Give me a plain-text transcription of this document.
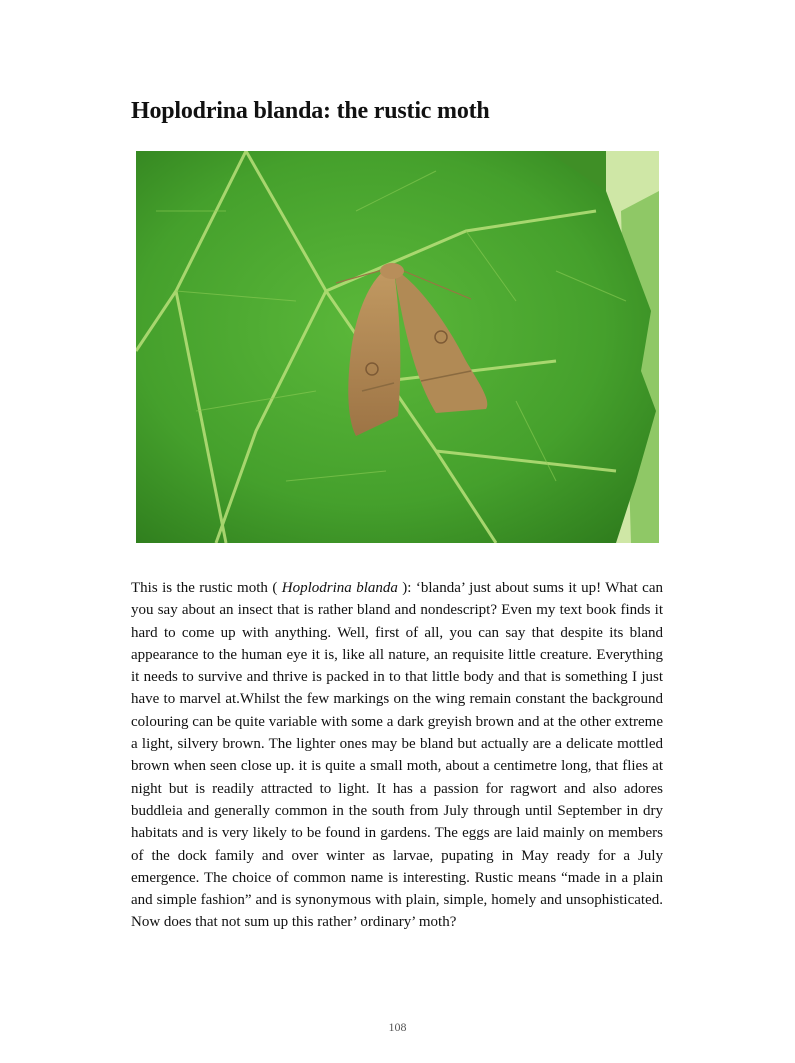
Hoplodrina blanda: the rustic moth

This is the rustic moth ( Hoplodrina blanda ): ‘blanda’ just about sums it up! What can you say about an insect that is rather bland and nondescript? Even my text book finds it hard to come up with anything. Well, first of all, you can say that despite its bland appearance to the human eye it is, like all nature, an requisite little creature. Everything it needs to survive and thrive is packed in to that little body and that is something I just have to marvel at.Whilst the few markings on the wing remain constant the background colouring can be quite variable with some a dark greyish brown and at the other extreme a light, silvery brown. The lighter ones may be bland but actually are a delicate mottled brown when seen close up. it is quite a small moth, about a centimetre long, that flies at night but is readily attracted to light. It has a passion for ragwort and also adores buddleia and generally common in the south from July through until September in dry habitats and is very likely to be found in gardens. The eggs are laid mainly on members of the dock family and over winter as larvae, pupating in May ready for a July emergence. The choice of common name is interesting. Rustic means “made in a plain and simple fashion” and is synonymous with plain, simple, homely and unsophisticated. Now does that not sum up this rather’ ordinary’ moth?

108
